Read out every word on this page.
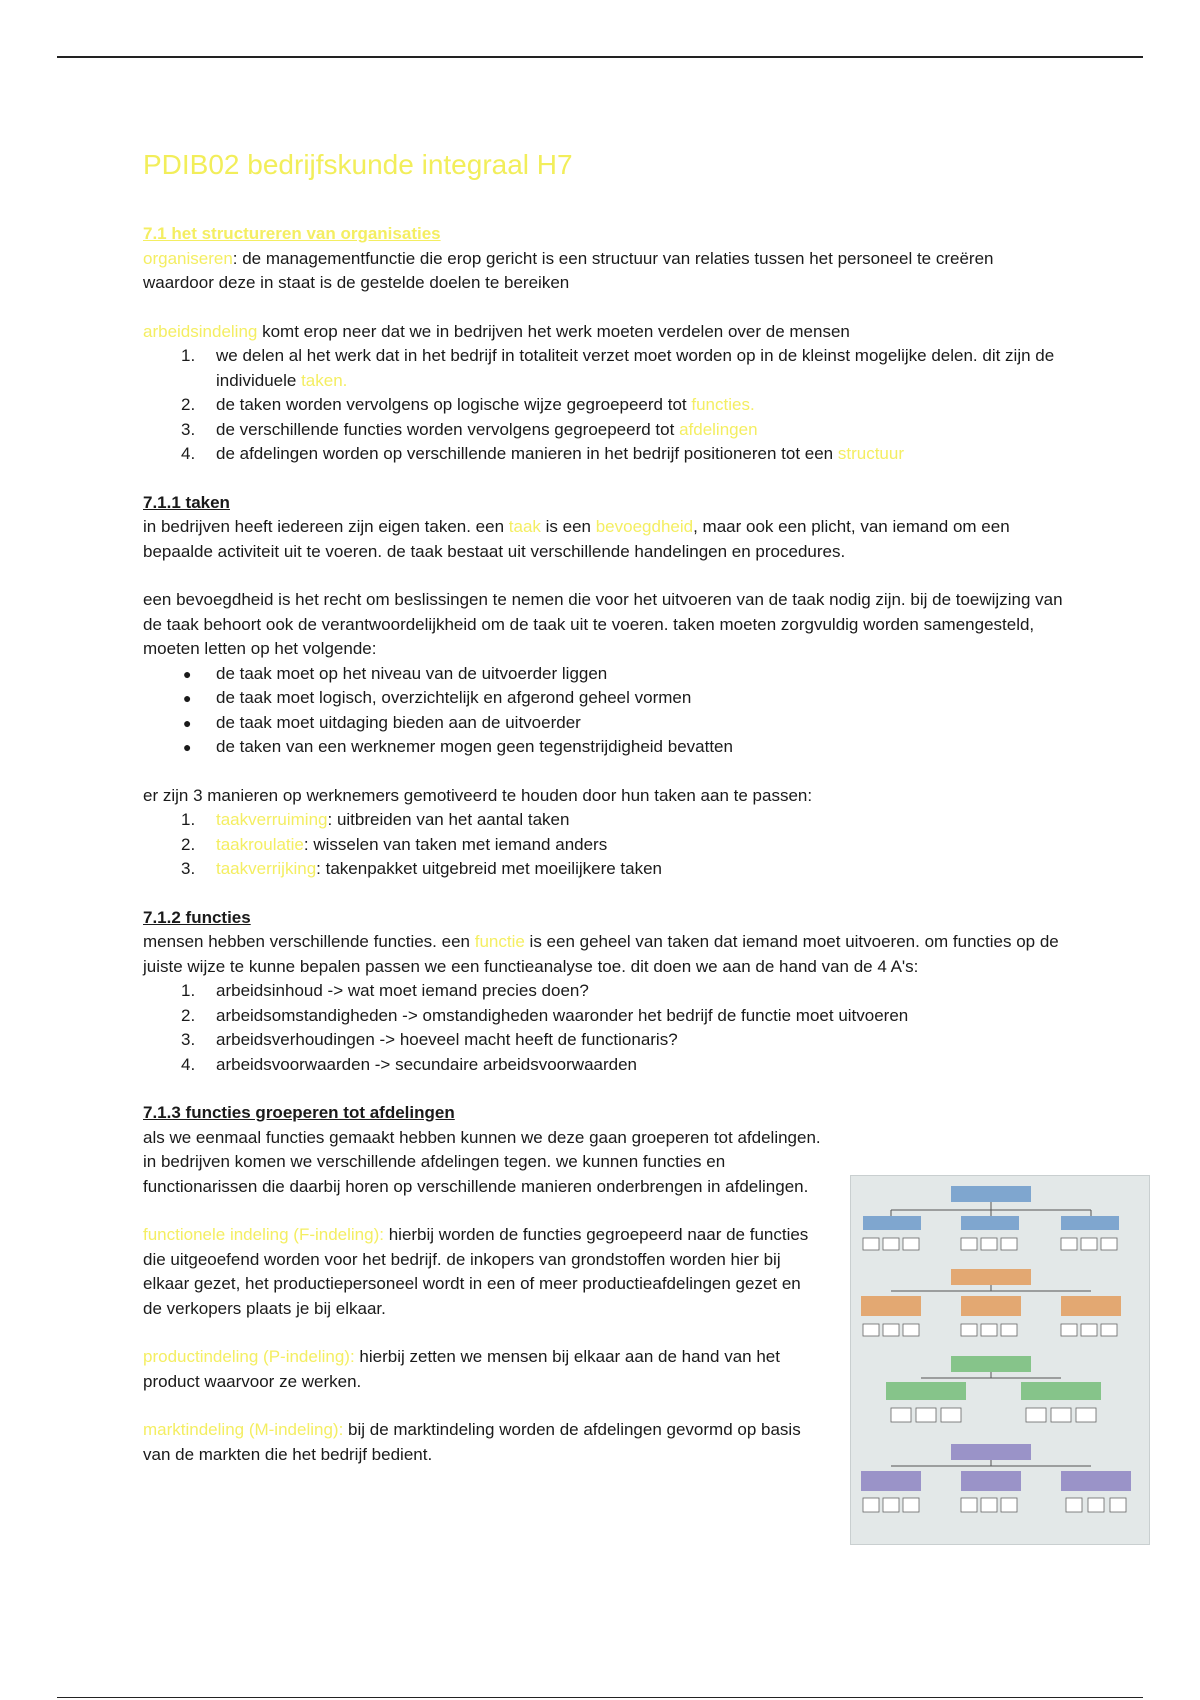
PDIB02 bedrijfskunde integraal H7
7.1 het structureren van organisaties

organiseren: de managementfunctie die erop gericht is een structuur van relaties tussen het personeel te creëren waardoor deze in staat is de gestelde doelen te bereiken

arbeidsindeling komt erop neer dat we in bedrijven het werk moeten verdelen over de mensen

1. we delen al het werk dat in het bedrijf in totaliteit verzet moet worden op in de kleinst mogelijke delen. dit zijn de individuele taken.
2. de taken worden vervolgens op logische wijze gegroepeerd tot functies.
3. de verschillende functies worden vervolgens gegroepeerd tot afdelingen
4. de afdelingen worden op verschillende manieren in het bedrijf positioneren tot een structuur
7.1.1 taken

in bedrijven heeft iedereen zijn eigen taken. een taak is een bevoegdheid, maar ook een plicht, van iemand om een bepaalde activiteit uit te voeren. de taak bestaat uit verschillende handelingen en procedures.

een bevoegdheid is het recht om beslissingen te nemen die voor het uitvoeren van de taak nodig zijn. bij de toewijzing van de taak behoort ook de verantwoordelijkheid om de taak uit te voeren. taken moeten zorgvuldig worden samengesteld, moeten letten op het volgende:

● de taak moet op het niveau van de uitvoerder liggen
● de taak moet logisch, overzichtelijk en afgerond geheel vormen
● de taak moet uitdaging bieden aan de uitvoerder
● de taken van een werknemer mogen geen tegenstrijdigheid bevatten

er zijn 3 manieren op werknemers gemotiveerd te houden door hun taken aan te passen:

1. taakverruiming: uitbreiden van het aantal taken
2. taakroulatie: wisselen van taken met iemand anders
3. taakverrijking: takenpakket uitgebreid met moeilijkere taken
7.1.2 functies

mensen hebben verschillende functies. een functie is een geheel van taken dat iemand moet uitvoeren. om functies op de juiste wijze te kunne bepalen passen we een functieanalyse toe. dit doen we aan de hand van de 4 A's:

1. arbeidsinhoud -> wat moet iemand precies doen?
2. arbeidsomstandigheden -> omstandigheden waaronder het bedrijf de functie moet uitvoeren
3. arbeidsverhoudingen -> hoeveel macht heeft de functionaris?
4. arbeidsvoorwaarden -> secundaire arbeidsvoorwaarden
7.1.3 functies groeperen tot afdelingen

als we eenmaal functies gemaakt hebben kunnen we deze gaan groeperen tot afdelingen. in bedrijven komen we verschillende afdelingen tegen. we kunnen functies en functionarissen die daarbij horen op verschillende manieren onderbrengen in afdelingen.

functionele indeling (F-indeling): hierbij worden de functies gegroepeerd naar de functies die uitgeoefend worden voor het bedrijf. de inkopers van grondstoffen worden hier bij elkaar gezet, het productiepersoneel wordt in een of meer productieafdelingen gezet en de verkopers plaats je bij elkaar.

productindeling (P-indeling): hierbij zetten we mensen bij elkaar aan de hand van het product waarvoor ze werken.

marktindeling (M-indeling): bij de marktindeling worden de afdelingen gevormd op basis van de markten die het bedrijf bedient.
